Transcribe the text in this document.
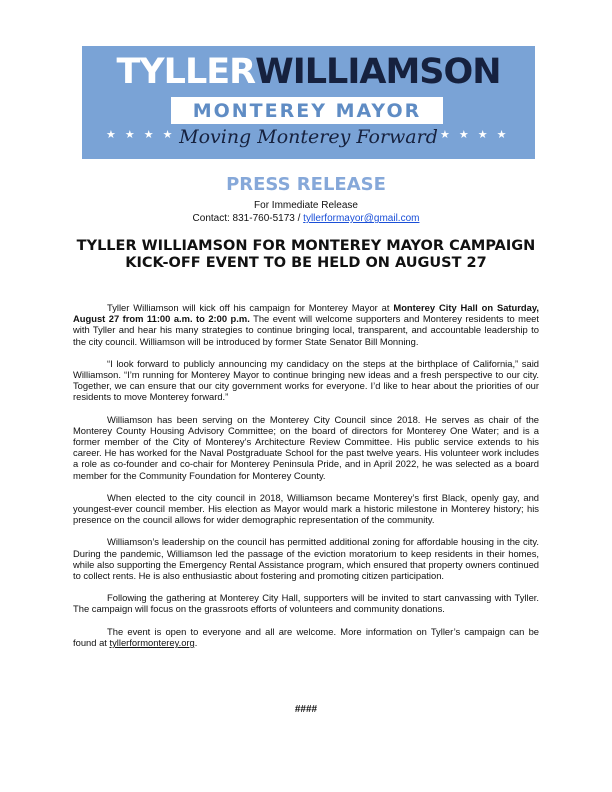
TYLLERWILLIAMSON
MONTEREY MAYOR
★★★★
Moving Monterey Forward ★★★★
PRESS RELEASE
For Immediate Release
Contact: 831-760-5173 / tyllerformayor@gmail.com
TYLLER WILLIAMSON FOR MONTEREY MAYOR CAMPAIGN KICK-OFF EVENT TO BE HELD ON AUGUST 27

Tyller Williamson will kick off his campaign for Monterey Mayor at Monterey City Hall on Saturday, August 27 from 11:00 a.m. to 2:00 p.m. The event will welcome supporters and Monterey residents to meet with Tyller and hear his many strategies to continue bringing local, transparent, and accountable leadership to the city council. Williamson will be introduced by former State Senator Bill Monning.

“I look forward to publicly announcing my candidacy on the steps at the birthplace of California,” said Williamson. “I’m running for Monterey Mayor to continue bringing new ideas and a fresh perspective to our city. Together, we can ensure that our city government works for everyone. I’d like to hear about the priorities of our residents to move Monterey forward.”

Williamson has been serving on the Monterey City Council since 2018. He serves as chair of the Monterey County Housing Advisory Committee; on the board of directors for Monterey One Water; and is a former member of the City of Monterey’s Architecture Review Committee. His public service extends to his career. He has worked for the Naval Postgraduate School for the past twelve years. His volunteer work includes a role as co-founder and co-chair for Monterey Peninsula Pride, and in April 2022, he was selected as a board member for the Community Foundation for Monterey County.

When elected to the city council in 2018, Williamson became Monterey’s first Black, openly gay, and youngest-ever council member. His election as Mayor would mark a historic milestone in Monterey history; his presence on the council allows for wider demographic representation of the community.

Williamson’s leadership on the council has permitted additional zoning for affordable housing in the city. During the pandemic, Williamson led the passage of the eviction moratorium to keep residents in their homes, while also supporting the Emergency Rental Assistance program, which ensured that property owners continued to collect rents. He is also enthusiastic about fostering and promoting citizen participation.

Following the gathering at Monterey City Hall, supporters will be invited to start canvassing with Tyller. The campaign will focus on the grassroots efforts of volunteers and community donations.

The event is open to everyone and all are welcome. More information on Tyller’s campaign can be found at tyllerformonterey.org.

####
